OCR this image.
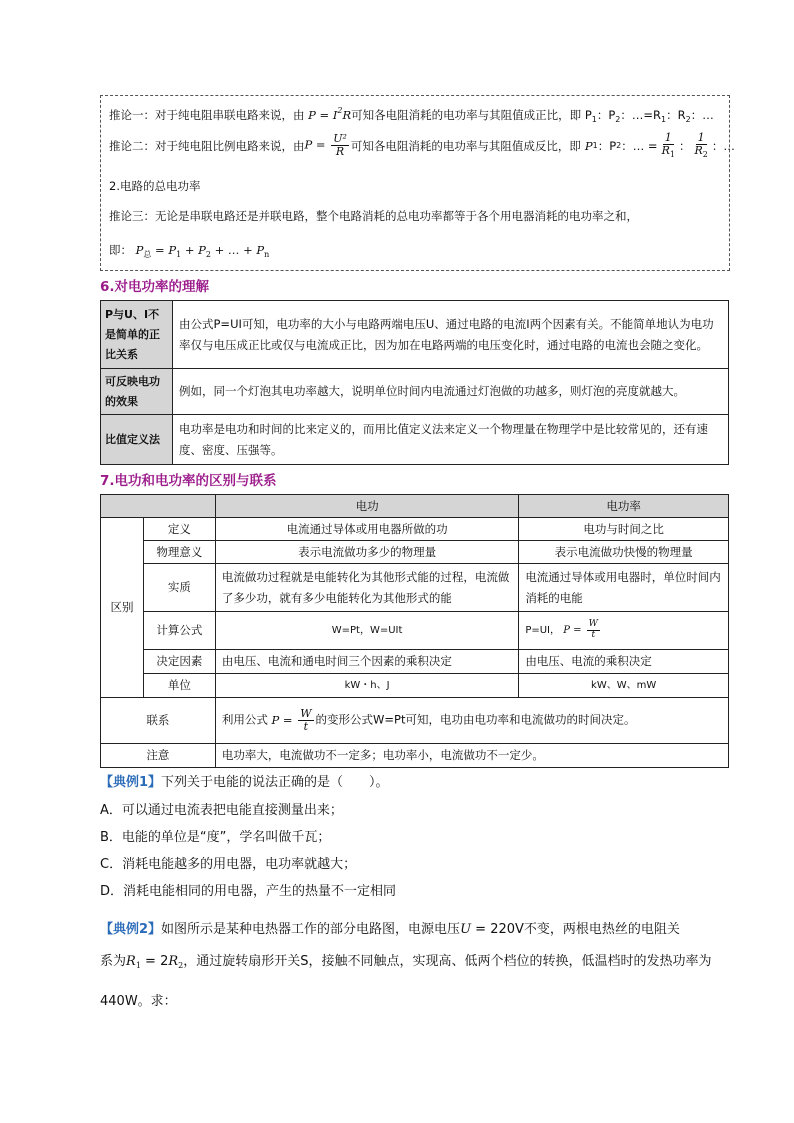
推论一：对于纯电阻串联电路来说，由 $P = I^2R$可知各电阻消耗的电功率与其阻值成正比，即 $P_1$：$P_2$：$\dots=R_1$：$R_2$：…
推论二：对于纯电阻比例电路来说，由 $P = \frac{\text{U²}}{R}$ 可知各电阻消耗的电功率与其阻值成反比，即 P 1 ：P 2 ：… = $\frac{1}{R_1}$ ： $\frac{1}{R_2}$ ：…
2.电路的总电功率
推论三：无论是串联电路还是并联电路，整个电路消耗的总电功率都等于各个用电器消耗的电功率之和，
即： $P_总 = P_1 + P_2$ + … + $P_n$
6.对电功率的理解
P与U、I不是简单的正比关系	由公式P=UI可知，电功率的大小与电路两端电压U、通过电路的电流I两个因素有关。不能简单地认为电功率仅与电压成正比或仅与电流成正比，因为加在电路两端的电压变化时，通过电路的电流也会随之变化。
可反映电功的效果	例如，同一个灯泡其电功率越大，说明单位时间内电流通过灯泡做的功越多，则灯泡的亮度就越大。
比值定义法	电功率是电功和时间的比来定义的，而用比值定义法来定义一个物理量在物理学中是比较常见的，还有速度、密度、压强等。
7.电功和电功率的区别与联系
		电功	电功率
区别	定义	电流通过导体或用电器所做的功	电功与时间之比
	物理意义	表示电流做功多少的物理量	表示电流做功快慢的物理量
	实质	电流做功过程就是电能转化为其他形式能的过程，电流做了多少功，就有多少电能转化为其他形式的能	电流通过导体或用电器时，单位时间内消耗的电能
	计算公式	W=Pt，W=UIt	P=UI， $P = \frac{W}{t}$

	决定因素	由电压、电流和通电时间三个因素的乘积决定	由电压、电流的乘积决定
	单位	kW・h、J	kW、W、mW
联系		利用公式 $P = \frac{W}{t}$ 的变形公式W=Pt可知，电功由电功率和电流做功的时间决定。	
注意		电功率大，电流做功不一定多；电功率小，电流做功不一定少。	
【典例1】下列关于电能的说法正确的是（　　）。
A．可以通过电流表把电能直接测量出来；
B．电能的单位是“度”，学名叫做千瓦；
C．消耗电能越多的用电器，电功率就越大；
D．消耗电能相同的用电器，产生的热量不一定相同
【典例2】如图所示是某种电热器工作的部分电路图，电源电压U = 220V不变，两根电热丝的电阻关
系为$R_1 = 2R_2$，通过旋转扇形开关S，接触不同触点，实现高、低两个档位的转换，低温档时的发热功率为
440W。求：
